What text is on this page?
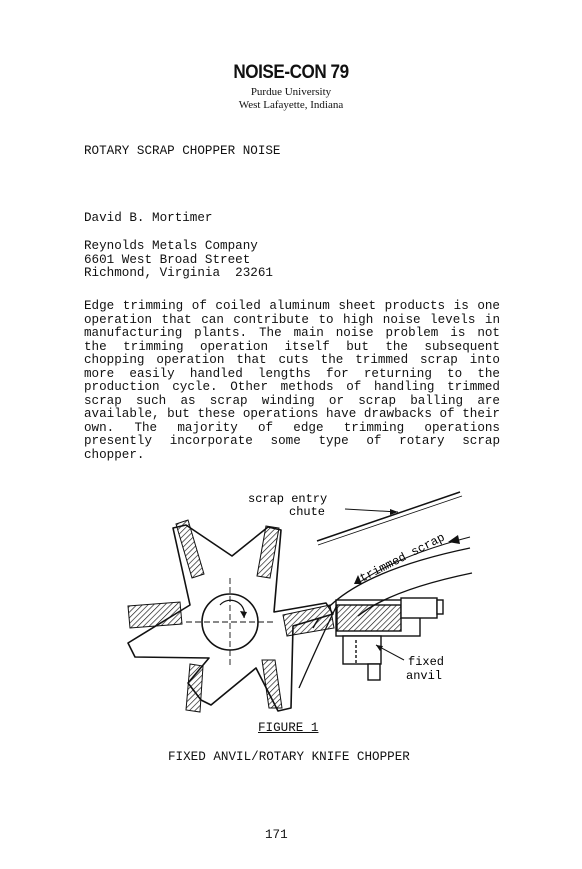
NOISE-CON 79
Purdue University
West Lafayette, Indiana
ROTARY SCRAP CHOPPER NOISE
David B. Mortimer
Reynolds Metals Company
6601 West Broad Street
Richmond, Virginia  23261
Edge trimming of coiled aluminum sheet products is one
operation that can contribute to high noise levels in
manufacturing plants. The main noise problem is not
the trimming operation itself but the subsequent
chopping operation that cuts the trimmed scrap into
more easily handled lengths for returning to the
production cycle. Other methods of handling trimmed
scrap such as scrap winding or scrap balling are
available, but these operations have drawbacks of their
own. The majority of edge trimming operations
presently incorporate some type of rotary scrap
chopper.
scrap entry
chute
trimmed scrap
fixed
anvil
FIGURE 1
FIXED ANVIL/ROTARY KNIFE CHOPPER
171
